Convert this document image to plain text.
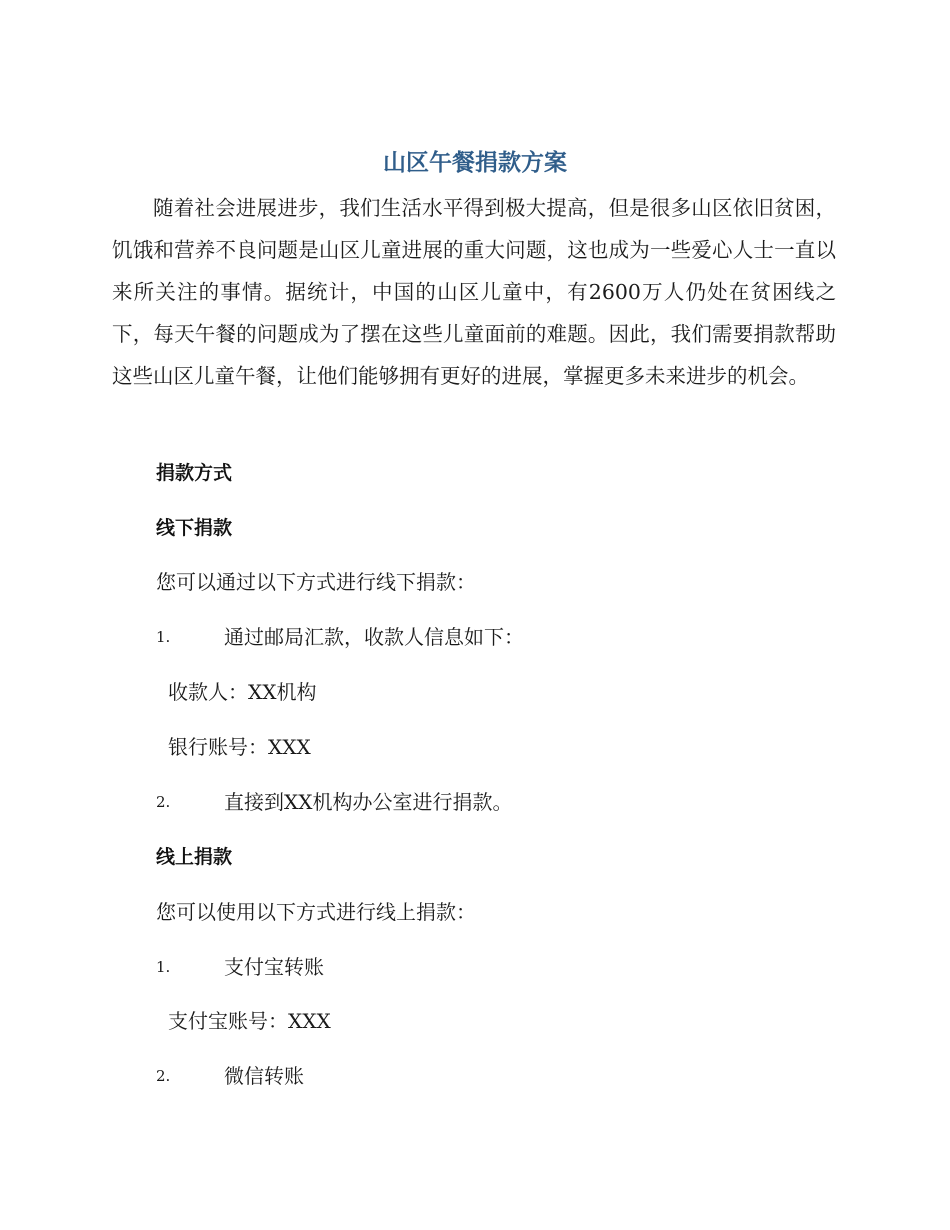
山区午餐捐款方案

随着社会进展进步，我们生活水平得到极大提高，但是很多山区依旧贫困，饥饿和营养不良问题是山区儿童进展的重大问题，这也成为一些爱心人士一直以来所关注的事情。据统计，中国的山区儿童中，有2600万人仍处在贫困线之下，每天午餐的问题成为了摆在这些儿童面前的难题。因此，我们需要捐款帮助这些山区儿童午餐，让他们能够拥有更好的进展，掌握更多未来进步的机会。

捐款方式
线下捐款
您可以通过以下方式进行线下捐款：
1.	通过邮局汇款，收款人信息如下：
收款人：XX机构
银行账号：XXX
2.	直接到XX机构办公室进行捐款。
线上捐款
您可以使用以下方式进行线上捐款：
1.	支付宝转账
支付宝账号：XXX
2.	微信转账
